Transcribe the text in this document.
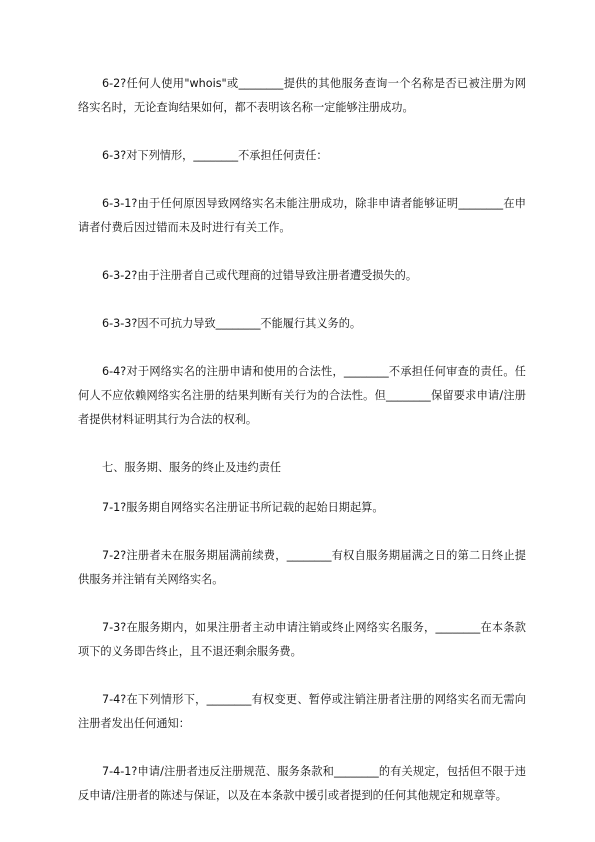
6-2?任何人使用"whois"或________提供的其他服务查询一个名称是否已被注册为网络实名时，无论查询结果如何，都不表明该名称一定能够注册成功。

6-3?对下列情形，________不承担任何责任：

6-3-1?由于任何原因导致网络实名未能注册成功，除非申请者能够证明________在申请者付费后因过错而未及时进行有关工作。

6-3-2?由于注册者自己或代理商的过错导致注册者遭受损失的。

6-3-3?因不可抗力导致________不能履行其义务的。

6-4?对于网络实名的注册申请和使用的合法性，________不承担任何审查的责任。任何人不应依赖网络实名注册的结果判断有关行为的合法性。但________保留要求申请/注册者提供材料证明其行为合法的权利。

七、服务期、服务的终止及违约责任

7-1?服务期自网络实名注册证书所记载的起始日期起算。

7-2?注册者未在服务期届满前续费，________有权自服务期届满之日的第二日终止提供服务并注销有关网络实名。

7-3?在服务期内，如果注册者主动申请注销或终止网络实名服务，________在本条款项下的义务即告终止，且不退还剩余服务费。

7-4?在下列情形下，________有权变更、暂停或注销注册者注册的网络实名而无需向注册者发出任何通知：

7-4-1?申请/注册者违反注册规范、服务条款和________的有关规定，包括但不限于违反申请/注册者的陈述与保证，以及在本条款中援引或者提到的任何其他规定和规章等。
